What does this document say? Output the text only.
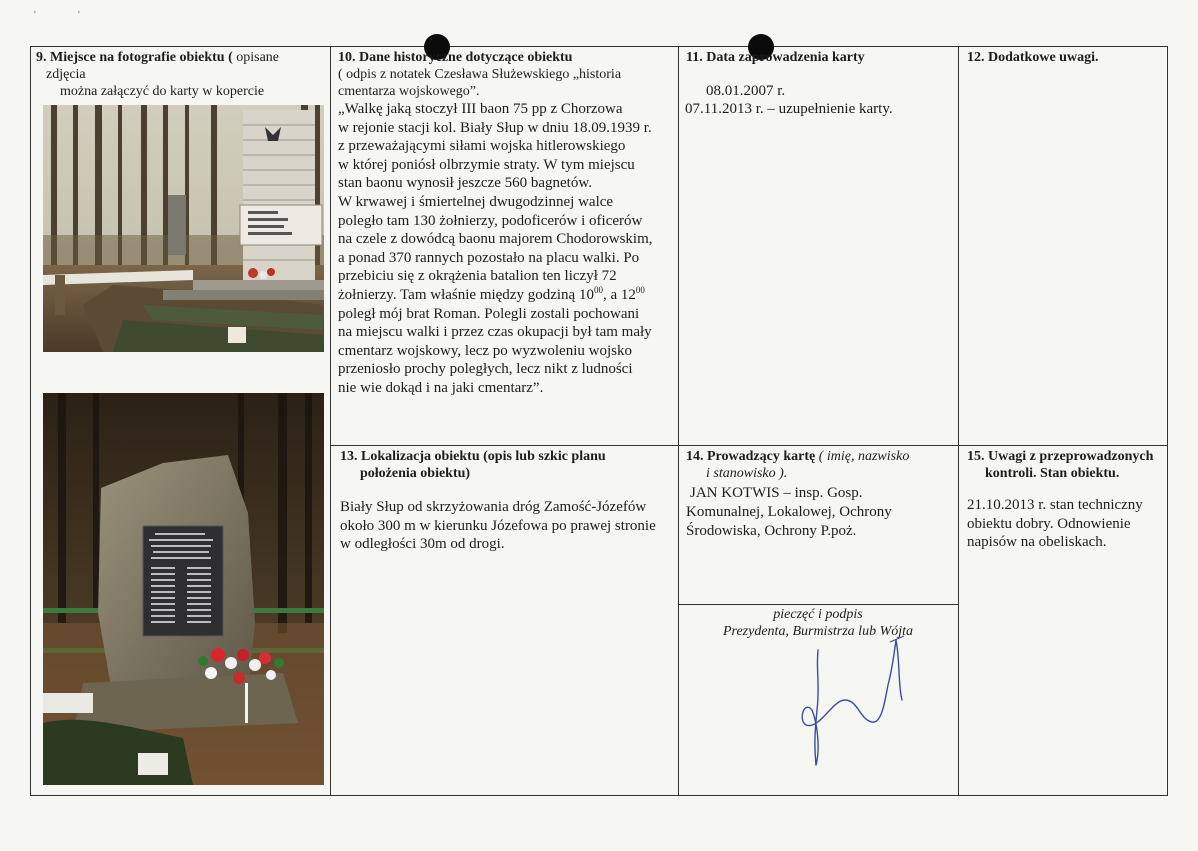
'	'
9. Miejsce na fotografie obiektu ( opisane
zdjęcia
można załączyć do karty w kopercie
10. Dane historyczne dotyczące obiektu
( odpis z notatek Czesława Służewskiego „historia
cmentarza wojskowego”.
„Walkę jaką stoczył III baon 75 pp z Chorzowa
w rejonie stacji kol. Biały Słup w dniu 18.09.1939 r.
z przeważającymi siłami wojska hitlerowskiego
w której poniósł olbrzymie straty. W tym miejscu
stan baonu wynosił jeszcze 560 bagnetów.
W krwawej i śmiertelnej dwugodzinnej walce
poległo tam 130 żołnierzy, podoficerów i oficerów
na czele z dowódcą baonu majorem Chodorowskim,
a ponad 370 rannych pozostało na placu walki. Po
przebiciu się z okrążenia batalion ten liczył 72
żołnierzy. Tam właśnie między godziną $10^{00}$, a $12^{00}$
poległ mój brat Roman. Polegli zostali pochowani
na miejscu walki i przez czas okupacji był tam mały
cmentarz wojskowy, lecz po wyzwoleniu wojsko
przeniosło prochy poległych, lecz nikt z ludności
nie wie dokąd i na jaki cmentarz”.
11. Data zaprowadzenia karty
08.01.2007 r.
07.11.2013 r. – uzupełnienie karty.
12. Dodatkowe uwagi.
13. Lokalizacja obiektu (opis lub szkic planu
położenia obiektu)
Biały Słup od skrzyżowania dróg Zamość-Józefów
około 300 m w kierunku Józefowa po prawej stronie
w odległości 30m od drogi.
14. Prowadzący kartę ( imię, nazwisko
i stanowisko ).
JAN KOTWIS – insp. Gosp.
Komunalnej, Lokalowej, Ochrony
Środowiska, Ochrony P.poż.
pieczęć i podpis
Prezydenta, Burmistrza lub Wójta
15. Uwagi z przeprowadzonych
kontroli. Stan obiektu.
21.10.2013 r. stan techniczny
obiektu dobry. Odnowienie
napisów na obeliskach.
